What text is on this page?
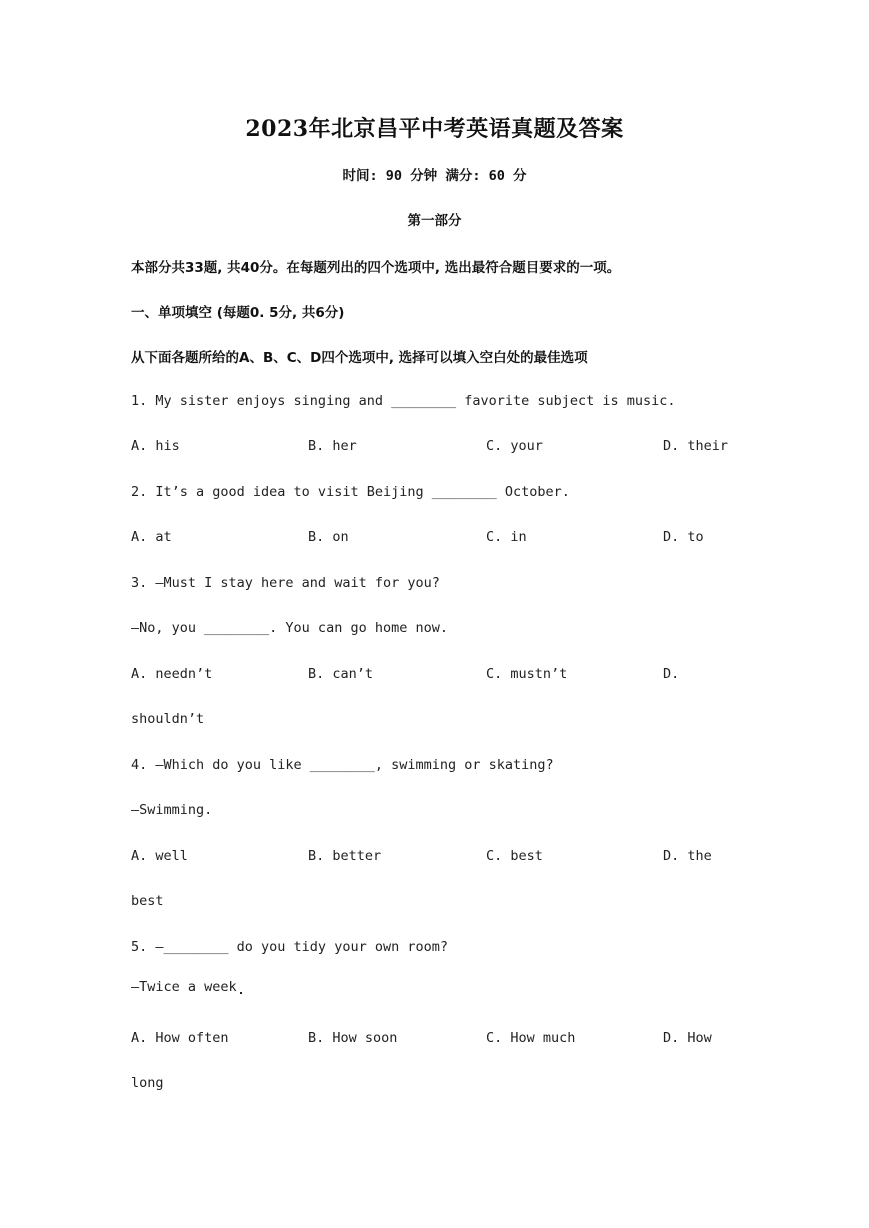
2023年北京昌平中考英语真题及答案
时间: 90 分钟 满分: 60 分
第一部分
本部分共33题, 共40分。在每题列出的四个选项中, 选出最符合题目要求的一项。
一、单项填空 (每题0. 5分, 共6分)
从下面各题所给的A、B、C、D四个选项中, 选择可以填入空白处的最佳选项
1. My sister enjoys singing and ________ favorite subject is music.
A. his	B. her	C. your	D. their
2. It’s a good idea to visit Beijing ________ October.
A. at	B. on	C. in	D. to
3. —Must I stay here and wait for you?
—No, you ________. You can go home now.
A. needn’t	B. can’t	C. mustn’t	D.
shouldn’t
4. —Which do you like ________, swimming or skating?
—Swimming.
A. well	B. better	C. best	D. the
best
5. —________ do you tidy your own room?
—Twice a week
A. How often	B. How soon	C. How much	D. How
long
